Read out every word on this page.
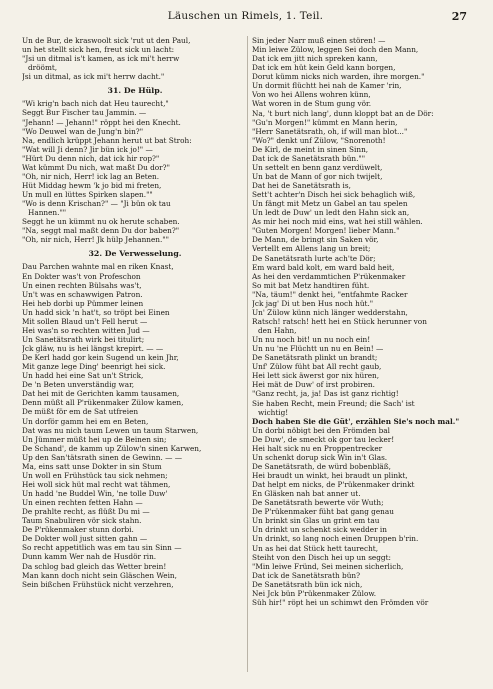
Läuschen un Rimels, 1. Teil.	27
Un de Bur, de kraswoolt sick 'rut ut den Paul,
un het stellt sick hen, freut sick un lacht:
"Jsi un ditmal is't kamen, as ick mi't herrw
dröömt,
Jsi un ditmal, as ick mi't herrw dacht."
31. De Hülp.
"Wi krig'n bach nich dat Heu taurecht,"
Seggt Bur Fischer tau Jammin. —
"Jehann! — Jehann!" röppt hei den Knecht.
"Wo Deuwel wan de Jung'n bin?"
Na, endlich krüppt Jehann herut ut bat Stroh:
"Wat will Ji denn? Jir bün ick jo!" —
"Hürt Du denn nich, dat ick hir rop?"
Wat kümmt Du nich, wat maßt Du dor?"
"Oh, nir nich, Herr! ick lag an Beten.
Hüt Middag hewm 'k jo bid mi freten,
Un mull en lüttes Spirken slapen.""
"Wo is denn Krischan?" — "Ji bün ok tau
Hannen.""
Seggt he un kümmt nu ok herute schaben.
"Na, seggt mal maßt denn Du dor baben?"
"Oh, nir nich, Herr! Jk hülp Jehannen.""
32. De Verwesselung.
Dau Parchen wahnte mal en riken Knast,
En Dokter was't von Profeschon
Un einen rechten Bülsahs was't,
Un't was en schawwigen Patron.
Hei heb dorbi up Pümmer leinen
Un hadd sick 'n hat't, so tröpt bei Einen
Mit sollen Blaud un't Fell herut —
Hei was'n so rechten witten Jud —
Un Sanetätsrath wirk bei titulirt;
Jck gläw, nu is hei längst krepirt. — —
De Kerl hadd gor kein Sugend un kein Jhr,
Mit ganze lege Ding' beenrigt hei sick.
Un hadd hei eine Sat un't Strick,
De 'n Beten unverständig war,
Dat hei mit de Gerichten kamm tausamen,
Denn müßt all P'rükenmaker Zülow kamen,
De müßt för em de Sat utfreien
Un dorför gamm hei em en Beten,
Dat was nu nich taum Lewen un taum Starwen,
Un Jümmer müßt hei up de Beinen sin;
De Schand', de kamm up Zülow'n sinen Karwen,
Up den San'tätsrath sinen de Gewinn. — —
Ma, eins satt unse Dokter in sin Stum
Un woll en Frühstück tau sick nehmen;
Hei woll sick hüt mal recht wat tähmen,
Un hadd 'ne Buddel Win, 'ne tolle Duw'
Un einen rechten fetten Hahn —
De prahlte recht, as flüßt Du mi —
Taum Snabuliren vör sick stahn.
De P'rükenmaker stunn dorbi.
De Dokter woll just sitten gahn —
So recht appetitlich was em tau sin Sinn —
Dunn kamm Wer nah de Husdör rin.
Da schlog bad gleich das Wetter brein!
Man kann doch nicht sein Gläschen Wein,
Sein bißchen Frühstück nicht verzehren,
Sin jeder Narr muß einen stören! —
Min leiwe Zülow, leggen Sei doch den Mann,
Dat ick em jitt nich spreken kann,
Dat ick em hüt kein Geld kann borgen,
Dorut kümm nicks nich warden, ihre morgen."
Un dormit flüchtt hei nah de Kamer 'rin,
Von wo hei Allens wohren künn,
Wat woren in de Stum gung vör.
Na, 't burt nich lang', dunn kloppt bat an de Dör:
"Gu'n Morgen!" kümmt en Mann herin,
"Herr Sanetätsrath, oh, if will man blot..."
"Wo?" denkt unf Zülow, "Snorenoth!
De Kirl, de meint in sinen Sinn,
Dat ick de Sanetätsrath bün.""
Un settelt en benn ganz verdüwelt,
Un bat de Mann of gor nich twijelt,
Dat hei de Sanetätsrath is,
Sett't achter'n Disch hei sick behaglich wiß,
Un fängt mit Metz un Gabel an tau spelen
Un ledt de Duw' un ledt den Hahn sick an,
As mir hei noch mid eins, wat hei still wählen.
"Guten Morgen! Morgen! lieber Mann."
De Mann, de bringt sin Saken vör,
Vertellt em Allens lang un breit;
De Sanetätsrath lurte ach'te Dör;
Em ward bald kolt, em ward bald heit,
As hei den verdammtichen P'rükenmaker
So mit bat Metz handtiren füht.
"Na, täum!" denkt hei, "entfahmte Racker
Jck jag' Di ut ben Hus noch hüt."
Un' Zülow künn nich länger wedderstahn,
Ratsch! ratsch! hett hei en Stück herunner von
den Hahn,
Un nu noch bit! un nu noch ein!
Un nu 'ne Flüchtt un nu en Bein! —
De Sanetätsrath plinkt un brandt;
Unf' Zülow füht bat All recht gaub,
Hei lett sick äwerst gor nix hüren,
Hei mät de Duw' of irst probiren.
"Ganz recht, ja, ja! Das ist ganz richtig!
Sie haben Recht, mein Freund; die Sach' ist
wichtig!
Doch haben Sie die Güt', erzählen Sie's noch mal."
Un dorbi nöbigt bei den Frömden bal
De Duw', de smeckt ok gor tau lecker!
Hei halt sick nu en Proppentrecker
Un schenkt dorup sick Win in't Glas.
De Sanetätsrath, de würd bobenbläß,
Hei braudt un winkt, hei braudt un plinkt,
Dat helpt em nicks, de P'rükenmaker drinkt
En Gläsken nah bat anner ut.
De Sanetätsrath bewerte vör Wuth;
De P'rükenmaker füht bat gang genau
Un brinkt sin Glas un grint em tau
Un drinkt un schenkt sick wedder in
Un drinkt, so lang noch einen Druppen b'rin.
Un as hei dat Stück hett taurecht,
Steiht von den Disch hei up un seggt:
"Min leiwe Fründ, Sei meinen sicherlich,
Dat ick de Sanetätsrath bün?
De Sanetätsrath bün ick nich,
Nei Jck bün P'rükenmaker Zülow.
Süh hir!" röpt hei un schimwt den Frömden vör
